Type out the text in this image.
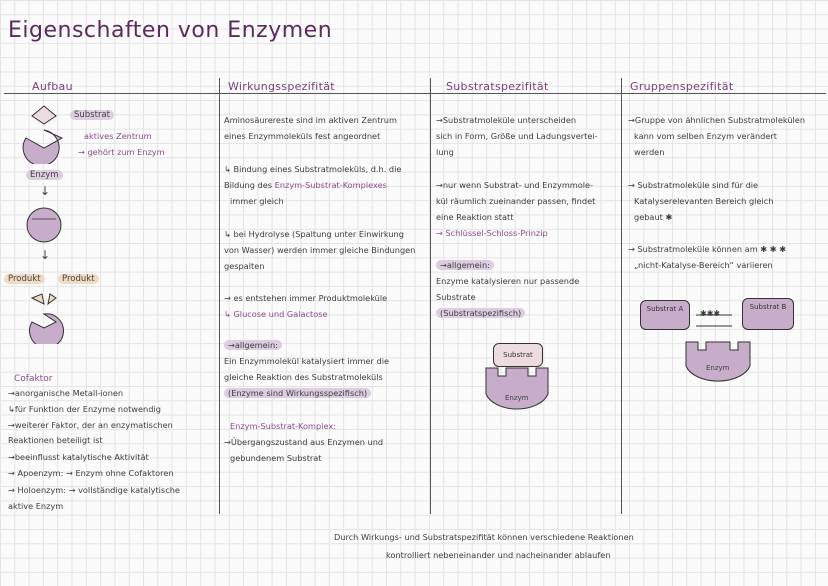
Eigenschaften von Enzymen
Aufbau	Wirkungsspezifität	Substratspezifität	Gruppenspezifität
Substrat
aktives Zentrum
→ gehört zum Enzym
Enzym
↓
↓
Produkt	Produkt
Cofaktor
→anorganische Metall-ionen
↳für Funktion der Enzyme notwendig
→weiterer Faktor, der an enzymatischen
Reaktionen beteiligt ist
→beeinflusst katalytische Aktivität
→ Apoenzym: → Enzym ohne Cofaktoren
→ Holoenzym: → vollständige katalytische
aktive Enzym
Aminosäurereste sind im aktiven Zentrum
eines Enzymmoleküls fest angeordnet
↳ Bindung eines Substratmoleküls, d.h. die
Bildung des Enzym-Substrat-Komplexes
immer gleich
↳ bei Hydrolyse (Spaltung unter Einwirkung
von Wasser) werden immer gleiche Bindungen
gespalten
→ es entstehen immer Produktmoleküle
↳ Glucose und Galactose
→allgemein:
Ein Enzymmolekül katalysiert immer die
gleiche Reaktion des Substratmoleküls
(Enzyme sind Wirkungsspezifisch)
Enzym-Substrat-Komplex:
→Übergangszustand aus Enzymen und
gebundenem Substrat
→Substratmoleküle unterscheiden
sich in Form, Größe und Ladungsvertei-
lung
→nur wenn Substrat- und Enzymmole-
kül räumlich zueinander passen, findet
eine Reaktion statt
→ Schlüssel-Schloss-Prinzip
→allgemein:
Enzyme katalysieren nur passende
Substrate
(Substratspezifisch)
Substrat
Enzym
→Gruppe von ähnlichen Substratmolekülen
kann vom selben Enzym verändert
werden
→ Substratmoleküle sind für die
Katalyserelevanten Bereich gleich
gebaut ✱
→ Substratmoleküle können am ✱ ✱ ✱
„nicht-Katalyse-Bereich“ variieren
Substrat A	✱✱✱
Substrat B
Enzym
Durch Wirkungs- und Substratspezifität können verschiedene Reaktionen
kontrolliert nebeneinander und nacheinander ablaufen
